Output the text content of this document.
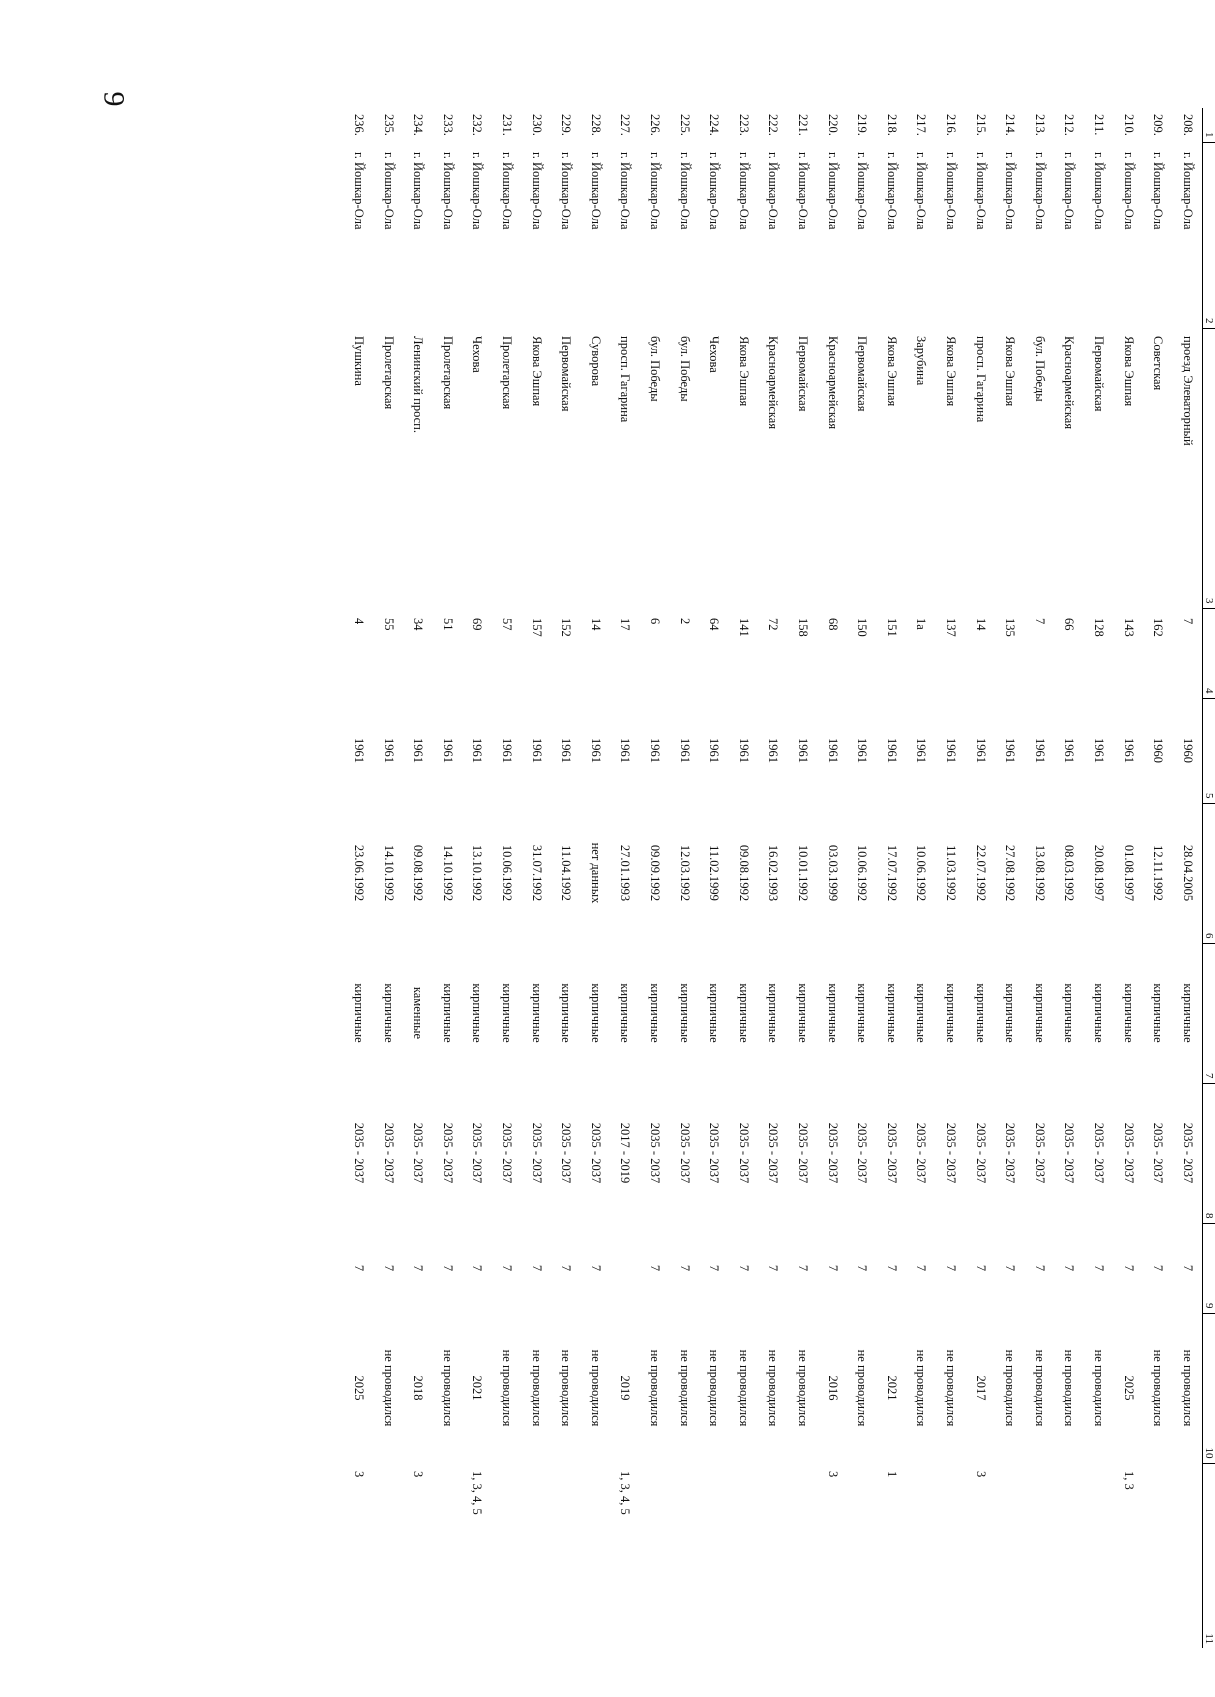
9
1	2	3	4	5	6	7	8	9	10	11
208.	г. Йошкар-Ола	проезд Элеваторный	7	1960	28.04.2005	кирпичные	2035 - 2037	7	не проводился	
209.	г. Йошкар-Ола	Советская	162	1960	12.11.1992	кирпичные	2035 - 2037	7	не проводился	
210.	г. Йошкар-Ола	Якова Эшпая	143	1961	01.08.1997	кирпичные	2035 - 2037	7	2025	1, 3
211.	г. Йошкар-Ола	Первомайская	128	1961	20.08.1997	кирпичные	2035 - 2037	7	не проводился	
212.	г. Йошкар-Ола	Красноармейская	66	1961	08.03.1992	кирпичные	2035 - 2037	7	не проводился	
213.	г. Йошкар-Ола	бул. Победы	7	1961	13.08.1992	кирпичные	2035 - 2037	7	не проводился	
214.	г. Йошкар-Ола	Якова Эшпая	135	1961	27.08.1992	кирпичные	2035 - 2037	7	не проводился	
215.	г. Йошкар-Ола	просп. Гагарина	14	1961	22.07.1992	кирпичные	2035 - 2037	7	2017	3
216.	г. Йошкар-Ола	Якова Эшпая	137	1961	11.03.1992	кирпичные	2035 - 2037	7	не проводился	
217.	г. Йошкар-Ола	Зарубина	1а	1961	10.06.1992	кирпичные	2035 - 2037	7	не проводился	
218.	г. Йошкар-Ола	Якова Эшпая	151	1961	17.07.1992	кирпичные	2035 - 2037	7	2021	1
219.	г. Йошкар-Ола	Первомайская	150	1961	10.06.1992	кирпичные	2035 - 2037	7	не проводился	
220.	г. Йошкар-Ола	Красноармейская	68	1961	03.03.1999	кирпичные	2035 - 2037	7	2016	3
221.	г. Йошкар-Ола	Первомайская	158	1961	10.01.1992	кирпичные	2035 - 2037	7	не проводился	
222.	г. Йошкар-Ола	Красноармейская	72	1961	16.02.1993	кирпичные	2035 - 2037	7	не проводился	
223.	г. Йошкар-Ола	Якова Эшпая	141	1961	09.08.1992	кирпичные	2035 - 2037	7	не проводился	
224.	г. Йошкар-Ола	Чехова	64	1961	11.02.1999	кирпичные	2035 - 2037	7	не проводился	
225.	г. Йошкар-Ола	бул. Победы	2	1961	12.03.1992	кирпичные	2035 - 2037	7	не проводился	
226.	г. Йошкар-Ола	бул. Победы	6	1961	09.09.1992	кирпичные	2035 - 2037	7	не проводился	
227.	г. Йошкар-Ола	просп. Гагарина	17	1961	27.01.1993	кирпичные	2017 - 2019		2019	1, 3, 4, 5
228.	г. Йошкар-Ола	Суворова	14	1961	нет данных	кирпичные	2035 - 2037	7	не проводился	
229.	г. Йошкар-Ола	Первомайская	152	1961	11.04.1992	кирпичные	2035 - 2037	7	не проводился	
230.	г. Йошкар-Ола	Якова Эшпая	157	1961	31.07.1992	кирпичные	2035 - 2037	7	не проводился	
231.	г. Йошкар-Ола	Пролетарская	57	1961	10.06.1992	кирпичные	2035 - 2037	7	не проводился	
232.	г. Йошкар-Ола	Чехова	69	1961	13.10.1992	кирпичные	2035 - 2037	7	2021	1, 3, 4, 5
233.	г. Йошкар-Ола	Пролетарская	51	1961	14.10.1992	кирпичные	2035 - 2037	7	не проводился	
234.	г. Йошкар-Ола	Ленинский просп.	34	1961	09.08.1992	каменные	2035 - 2037	7	2018	3
235.	г. Йошкар-Ола	Пролетарская	55	1961	14.10.1992	кирпичные	2035 - 2037	7	не проводился	
236.	г. Йошкар-Ола	Пушкина	4	1961	23.06.1992	кирпичные	2035 - 2037	7	2025	3
